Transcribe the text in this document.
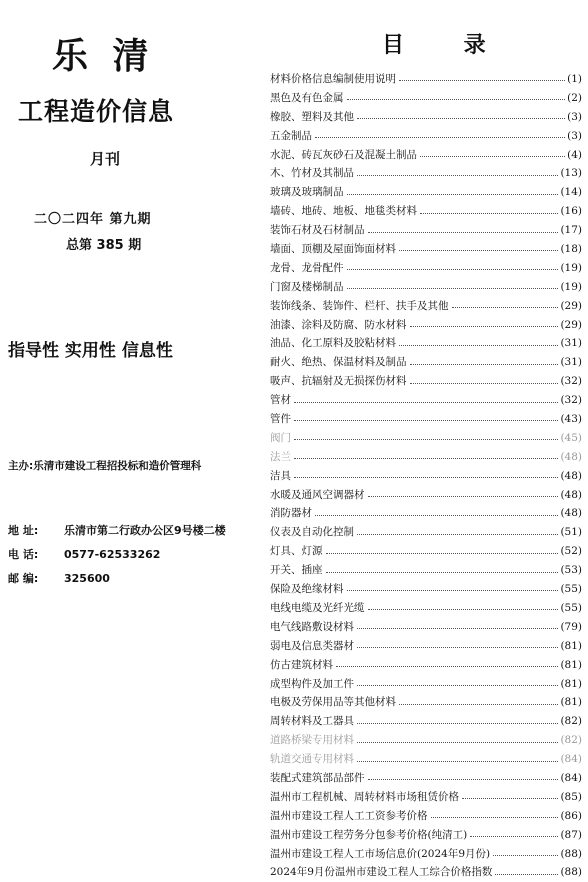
乐 清
工程造价信息
月刊
二〇二四年 第九期
总第 385 期
指导性 实用性 信息性
主办:乐清市建设工程招投标和造价管理科
地 址: 乐清市第二行政办公区9号楼二楼
电 话: 0577-62533262
邮 编: 325600
目 录
材料价格信息编制使用说明	(1)
黑色及有色金属	(2)
橡胶、塑料及其他	(3)
五金制品	(3)
水泥、砖瓦灰砂石及混凝土制品	(4)
木、竹材及其制品	(13)
玻璃及玻璃制品	(14)
墙砖、地砖、地板、地毯类材料	(16)
装饰石材及石材制品	(17)
墙面、顶棚及屋面饰面材料	(18)
龙骨、龙骨配件	(19)
门窗及楼梯制品	(19)
装饰线条、装饰件、栏杆、扶手及其他	(29)
油漆、涂料及防腐、防水材料	(29)
油品、化工原料及胶粘材料	(31)
耐火、绝热、保温材料及制品	(31)
吸声、抗辐射及无损探伤材料	(32)
管材	(32)
管件	(43)
阀门	(45)
法兰	(48)
洁具	(48)
水暖及通风空调器材	(48)
消防器材	(48)
仪表及自动化控制	(51)
灯具、灯源	(52)
开关、插座	(53)
保险及绝缘材料	(55)
电线电缆及光纤光缆	(55)
电气线路敷设材料	(79)
弱电及信息类器材	(81)
仿古建筑材料	(81)
成型构件及加工件	(81)
电极及劳保用品等其他材料	(81)
周转材料及工器具	(82)
道路桥梁专用材料	(82)
轨道交通专用材料	(84)
装配式建筑部品部件	(84)
温州市工程机械、周转材料市场租赁价格	(85)
温州市建设工程人工工资参考价格	(86)
温州市建设工程劳务分包参考价格(纯清工)	(87)
温州市建设工程人工市场信息价(2024年9月份)	(88)
2024年9月份温州市建设工程人工综合价格指数	(88)
